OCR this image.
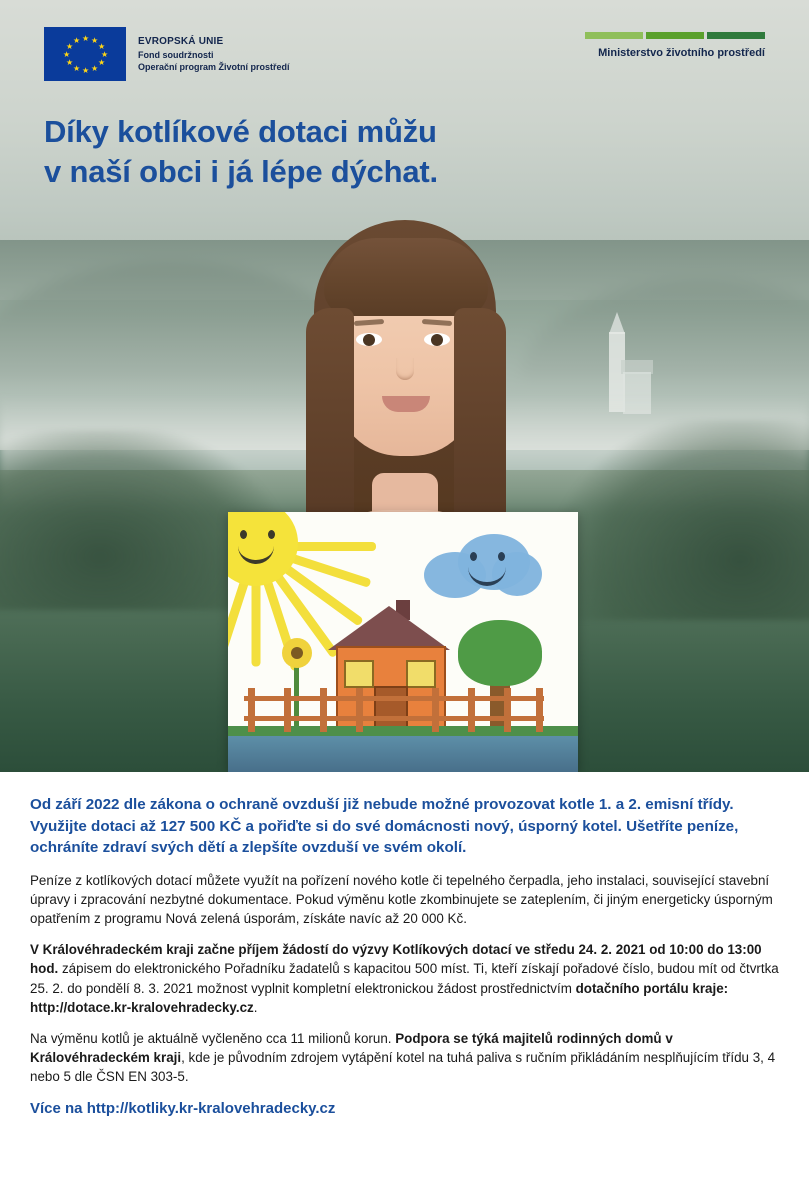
★ ★
★
★
★
★
★
★
★
★
★
★	EVROPSKÁ UNIE
Fond soudržnosti
Operační program Životní prostředí
Ministerstvo životního prostředí
Díky kotlíkové dotaci můžu
v naší obci i já lépe dýchat.

Od září 2022 dle zákona o ochraně ovzduší již nebude možné provozovat kotle 1. a 2. emisní třídy. Využijte dotaci až 127 500 KČ a pořiďte si do své domácnosti nový, úsporný kotel. Ušetříte peníze, ochráníte zdraví svých dětí a zlepšíte ovzduší ve svém okolí.

Peníze z kotlíkových dotací můžete využít na pořízení nového kotle či tepelného čerpadla, jeho instalaci, související stavební úpravy i zpracování nezbytné dokumentace. Pokud výměnu kotle zkombinujete se zateplením, či jiným energeticky úsporným opatřením z programu Nová zelená úsporám, získáte navíc až 20 000 Kč.

V Královéhradeckém kraji začne příjem žádostí do výzvy Kotlíkových dotací ve středu 24. 2. 2021 od 10:00 do 13:00 hod. zápisem do elektronického Pořadníku žadatelů s kapacitou 500 míst. Ti, kteří získají pořadové číslo, budou mít od čtvrtka 25. 2. do pondělí 8. 3. 2021 možnost vyplnit kompletní elektronickou žádost prostřednictvím dotačního portálu kraje: http://dotace.kr-kralovehradecky.cz.

Na výměnu kotlů je aktuálně vyčleněno cca 11 milionů korun. Podpora se týká majitelů rodinných domů v Královéhradeckém kraji, kde je původním zdrojem vytápění kotel na tuhá paliva s ručním přikládáním nesplňujícím třídu 3, 4 nebo 5 dle ČSN EN 303-5.

Více na http://kotliky.kr-kralovehradecky.cz
